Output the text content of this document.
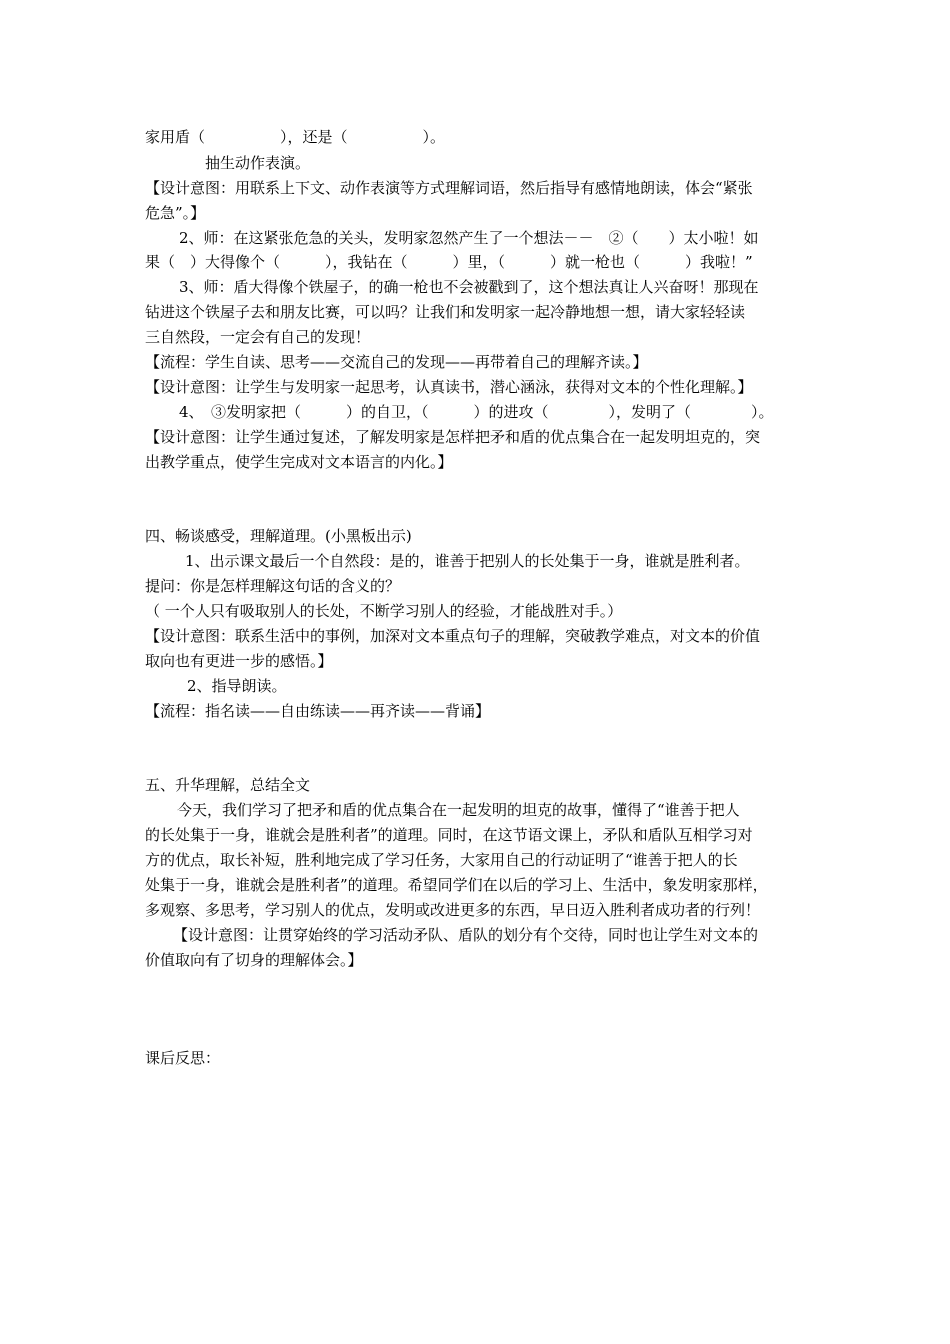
家用盾（　　　　　），还是（　　　　　）。
抽生动作表演。
【设计意图：用联系上下文、动作表演等方式理解词语，然后指导有感情地朗读，体会“紧张
危急”。】
2、师：在这紧张危急的关头，发明家忽然产生了一个想法－－　②（　　）太小啦！如
果（　）大得像个（　　　），我钻在（　　　）里，（　　　）就一枪也（　　　）我啦！”
3、师：盾大得像个铁屋子，的确一枪也不会被戳到了，这个想法真让人兴奋呀！那现在
钻进这个铁屋子去和朋友比赛，可以吗？让我们和发明家一起冷静地想一想，请大家轻轻读
三自然段，一定会有自己的发现！
【流程：学生自读、思考——交流自己的发现——再带着自己的理解齐读。】
【设计意图：让学生与发明家一起思考，认真读书，潜心涵泳，获得对文本的个性化理解。】
4、　③发明家把（　　　）的自卫，（　　　）的进攻（　　　　），发明了（　　　　）。
【设计意图：让学生通过复述，了解发明家是怎样把矛和盾的优点集合在一起发明坦克的，突
出教学重点，使学生完成对文本语言的内化。】
四、畅谈感受，理解道理。(小黑板出示)
1、出示课文最后一个自然段：是的，谁善于把别人的长处集于一身，谁就是胜利者。
提问：你是怎样理解这句话的含义的？
（ 一个人只有吸取别人的长处，不断学习别人的经验，才能战胜对手。）
【设计意图：联系生活中的事例，加深对文本重点句子的理解，突破教学难点，对文本的价值
取向也有更进一步的感悟。】
2、指导朗读。
【流程：指名读——自由练读——再齐读——背诵】
五、升华理解，总结全文
今天，我们学习了把矛和盾的优点集合在一起发明的坦克的故事，懂得了“谁善于把人
的长处集于一身，谁就会是胜利者”的道理。同时，在这节语文课上，矛队和盾队互相学习对
方的优点，取长补短，胜利地完成了学习任务，大家用自己的行动证明了“谁善于把人的长
处集于一身，谁就会是胜利者”的道理。希望同学们在以后的学习上、生活中，象发明家那样，
多观察、多思考，学习别人的优点，发明或改进更多的东西，早日迈入胜利者成功者的行列！
【设计意图：让贯穿始终的学习活动矛队、盾队的划分有个交待，同时也让学生对文本的
价值取向有了切身的理解体会。】
课后反思：
